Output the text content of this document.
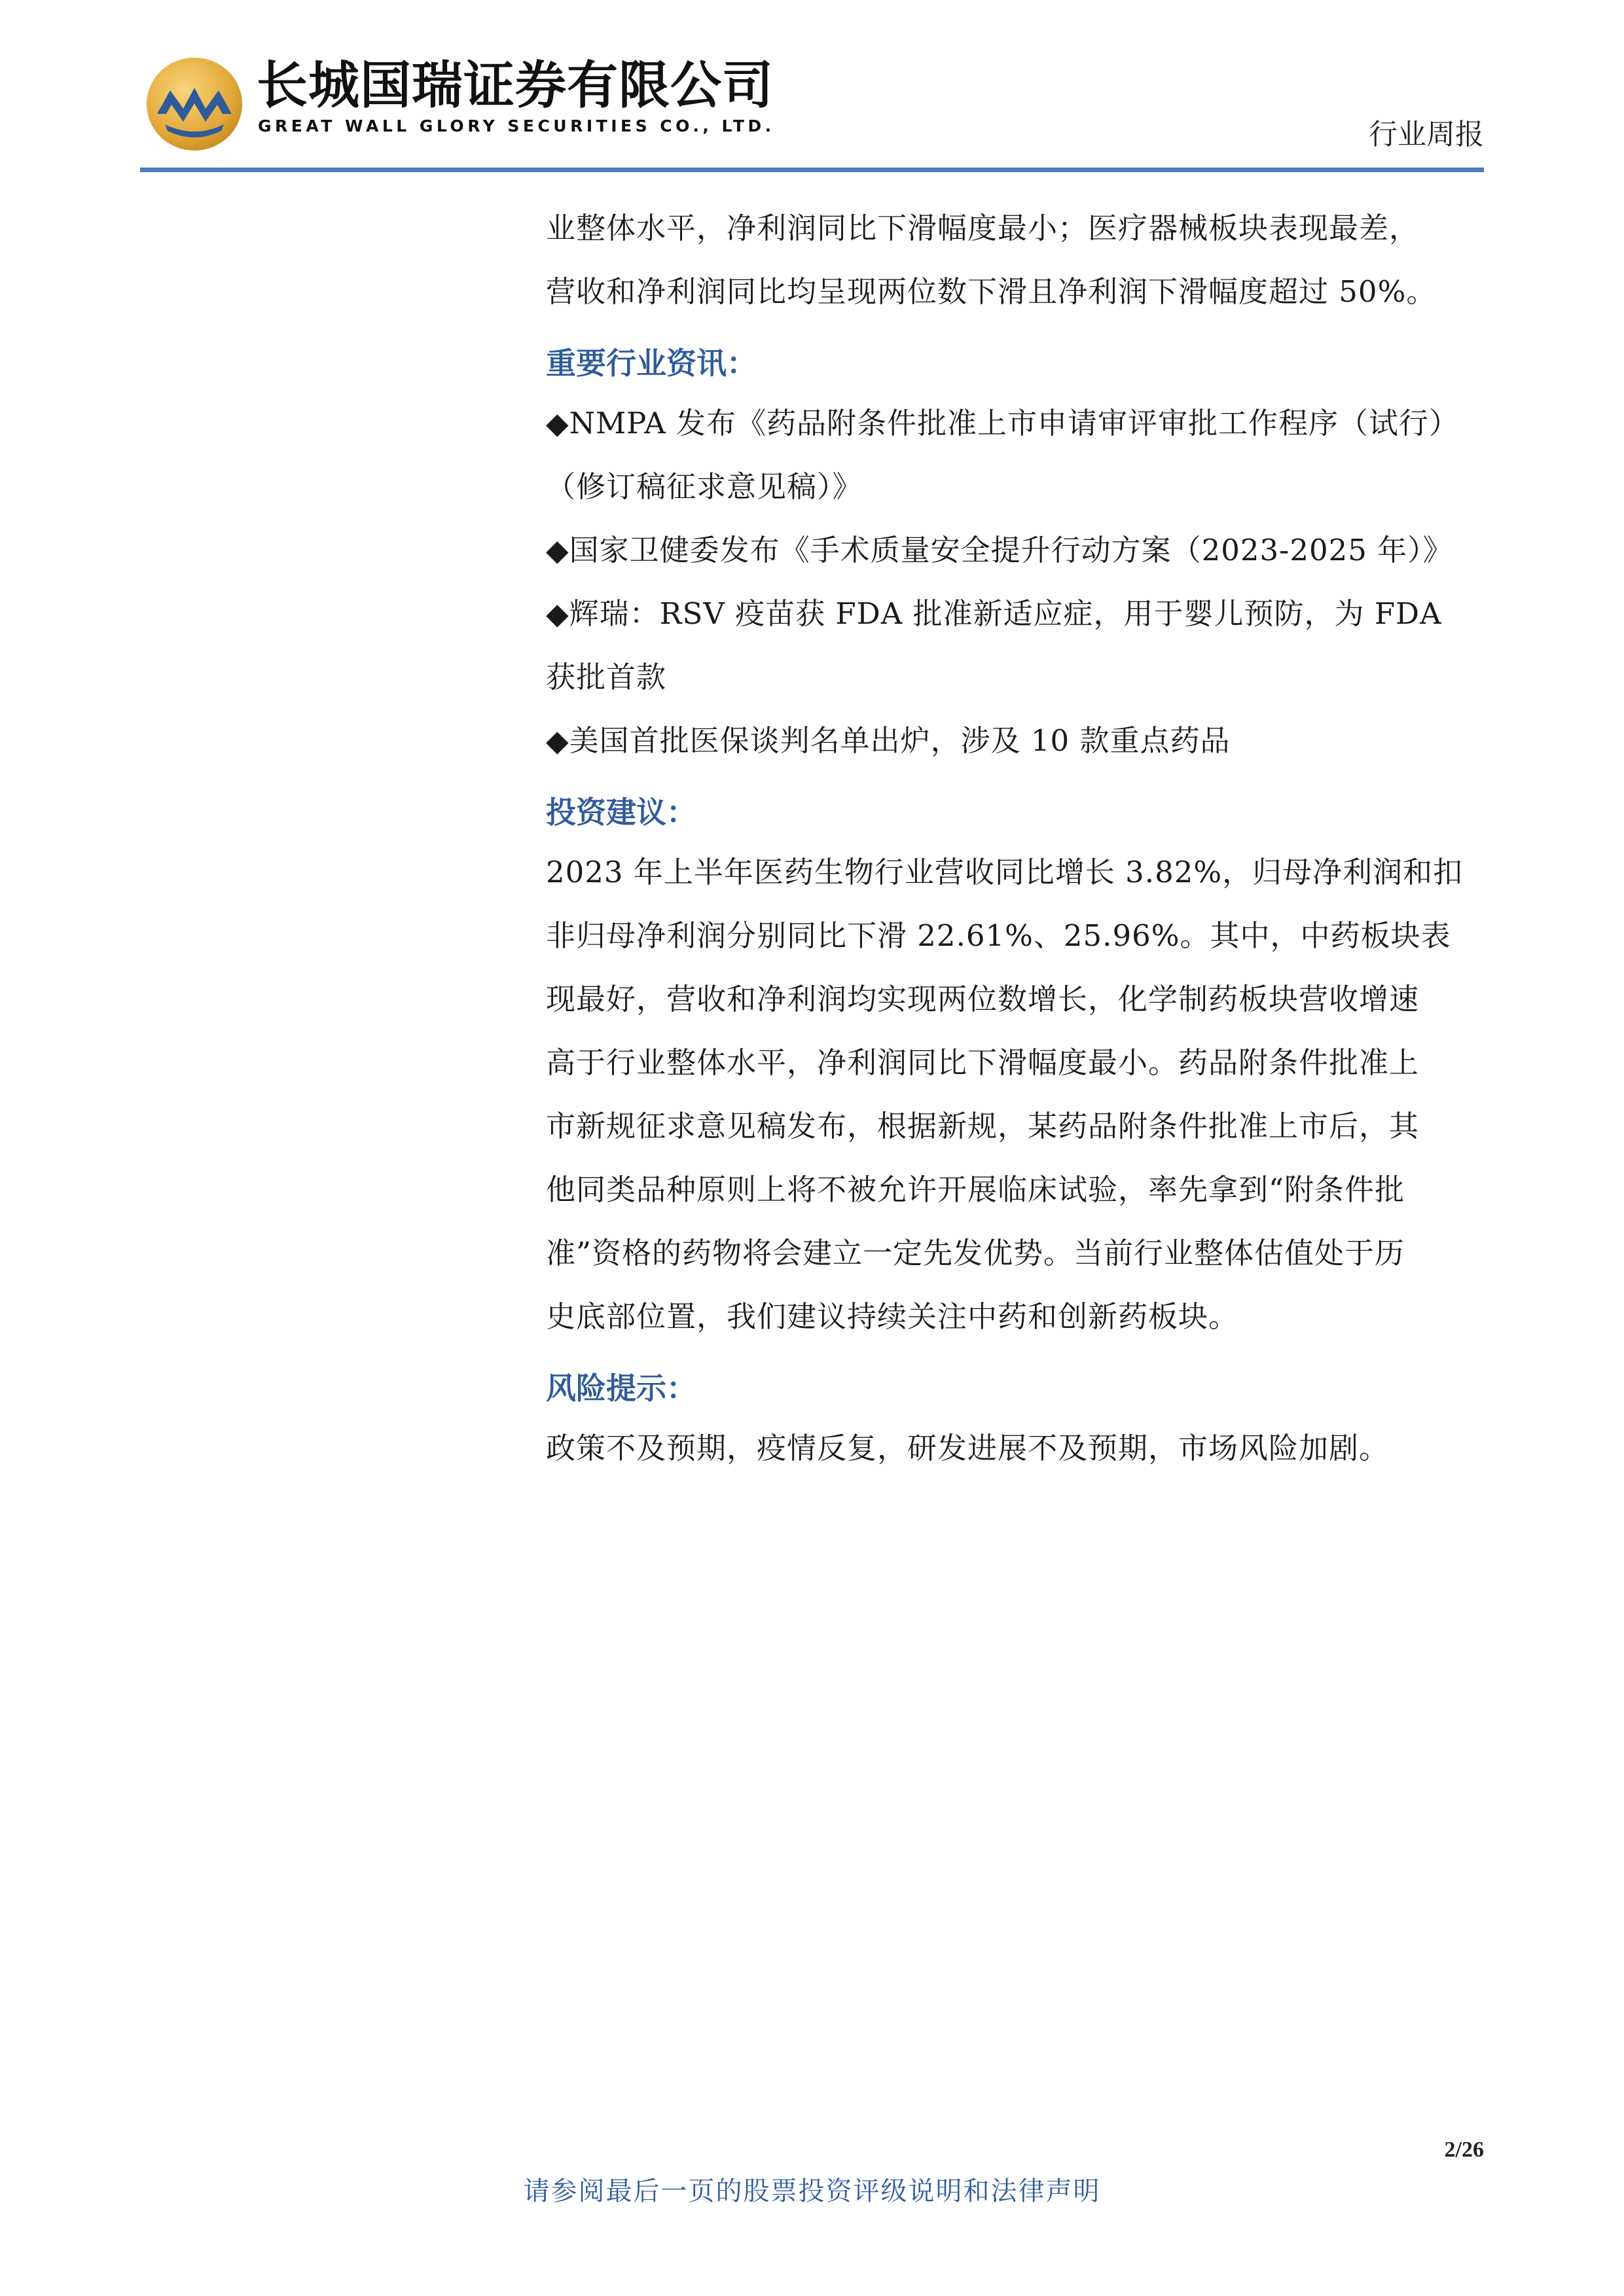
长城国瑞证券有限公司
GREAT WALL GLORY SECURITIES CO., LTD.	行业周报

业整体水平，净利润同比下滑幅度最小；医疗器械板块表现最差，

营收和净利润同比均呈现两位数下滑且净利润下滑幅度超过 50%。

重要行业资讯：

◆NMPA 发布《药品附条件批准上市申请审评审批工作程序（试行）

（修订稿征求意见稿）》

◆国家卫健委发布《手术质量安全提升行动方案（2023-2025 年）》

◆辉瑞：RSV 疫苗获 FDA 批准新适应症，用于婴儿预防，为 FDA

获批首款

◆美国首批医保谈判名单出炉，涉及 10 款重点药品

投资建议：

2023 年上半年医药生物行业营收同比增长 3.82%，归母净利润和扣

非归母净利润分别同比下滑 22.61%、25.96%。其中，中药板块表

现最好，营收和净利润均实现两位数增长，化学制药板块营收增速

高于行业整体水平，净利润同比下滑幅度最小。药品附条件批准上

市新规征求意见稿发布，根据新规，某药品附条件批准上市后，其

他同类品种原则上将不被允许开展临床试验，率先拿到“附条件批

准”资格的药物将会建立一定先发优势。当前行业整体估值处于历

史底部位置，我们建议持续关注中药和创新药板块。

风险提示：

政策不及预期，疫情反复，研发进展不及预期，市场风险加剧。

2/26
请参阅最后一页的股票投资评级说明和法律声明
